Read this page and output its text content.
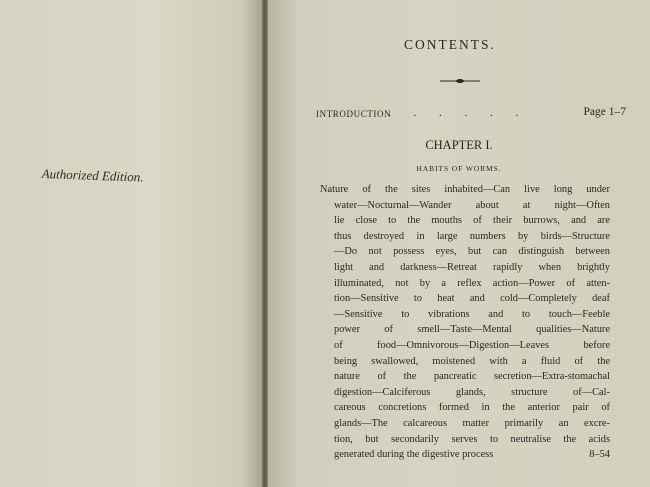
Authorized Edition.
CONTENTS.
INTRODUCTION
. . . . . .	Page 1–7
CHAPTER I.
HABITS OF WORMS.
Nature of the sites inhabited—Can live long under
water—Nocturnal—Wander about at night—Often
lie close to the mouths of their burrows, and are
thus destroyed in large numbers by birds—Structure
—Do not possess eyes, but can distinguish between
light and darkness—Retreat rapidly when brightly
illuminated, not by a reflex action—Power of atten-
tion—Sensitive to heat and cold—Completely deaf
—Sensitive to vibrations and to touch—Feeble
power of smell—Taste—Mental qualities—Nature
of food—Omnivorous—Digestion—Leaves before
being swallowed, moistened with a fluid of the
nature of the pancreatic secretion—Extra-stomachal
digestion—Calciferous glands, structure of—Cal-
careous concretions formed in the anterior pair of
glands—The calcareous matter primarily an excre-
tion, but secondarily serves to neutralise the acids
generated during the digestive process	8–54
